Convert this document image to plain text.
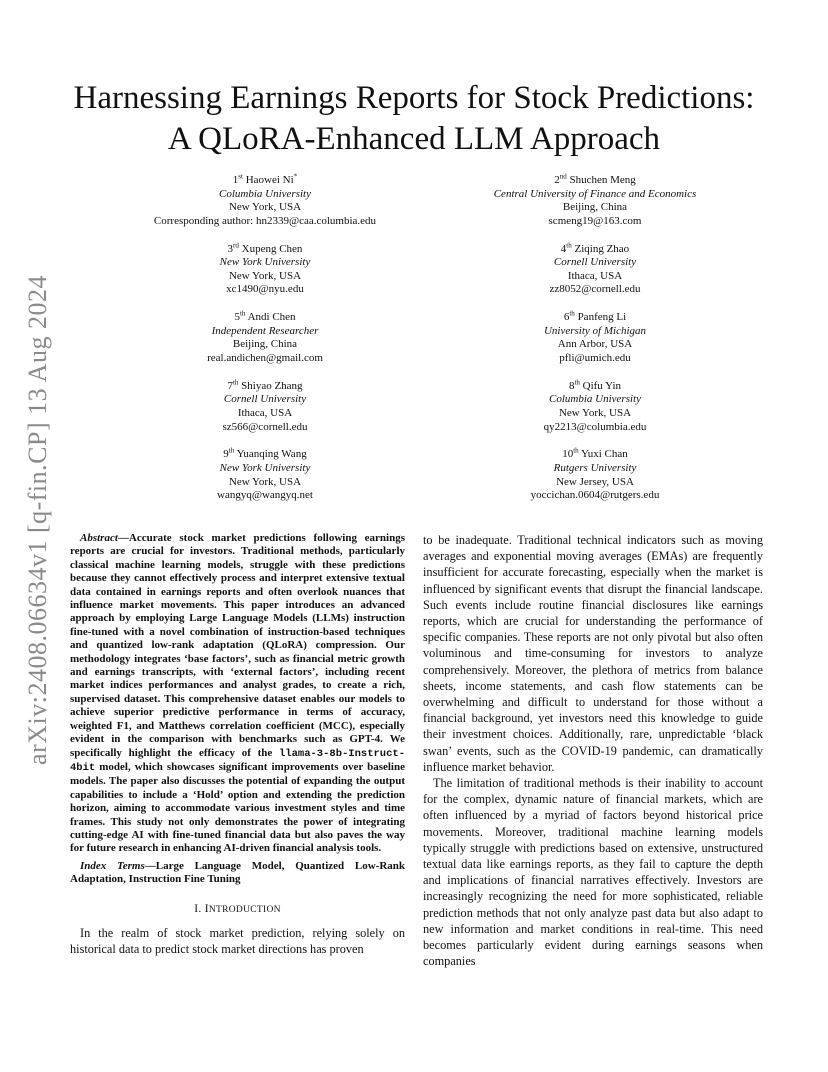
arXiv:2408.06634v1 [q-fin.CP] 13 Aug 2024
Harnessing Earnings Reports for Stock Predictions:
A QLoRA-Enhanced LLM Approach
1st Haowei Ni*
Columbia University
New York, USA
Corresponding author: hn2339@caa.columbia.edu
2nd Shuchen Meng
Central University of Finance and Economics
Beijing, China
scmeng19@163.com
3rd Xupeng Chen
New York University
New York, USA
xc1490@nyu.edu
4th Ziqing Zhao
Cornell University
Ithaca, USA
zz8052@cornell.edu
5th Andi Chen
Independent Researcher
Beijing, China
real.andichen@gmail.com
6th Panfeng Li
University of Michigan
Ann Arbor, USA
pfli@umich.edu
7th Shiyao Zhang
Cornell University
Ithaca, USA
sz566@cornell.edu
8th Qifu Yin
Columbia University
New York, USA
qy2213@columbia.edu
9th Yuanqing Wang
New York University
New York, USA
wangyq@wangyq.net
10th Yuxi Chan
Rutgers University
New Jersey, USA
yoccichan.0604@rutgers.edu

Abstract—Accurate stock market predictions following earnings reports are crucial for investors. Traditional methods, particularly classical machine learning models, struggle with these predictions because they cannot effectively process and interpret extensive textual data contained in earnings reports and often overlook nuances that influence market movements. This paper introduces an advanced approach by employing Large Language Models (LLMs) instruction fine-tuned with a novel combination of instruction-based techniques and quantized low-rank adaptation (QLoRA) compression. Our methodology integrates ‘base factors’, such as financial metric growth and earnings transcripts, with ‘external factors’, including recent market indices performances and analyst grades, to create a rich, supervised dataset. This comprehensive dataset enables our models to achieve superior predictive performance in terms of accuracy, weighted F1, and Matthews correlation coefficient (MCC), especially evident in the comparison with benchmarks such as GPT-4. We specifically highlight the efficacy of the llama-3-8b-Instruct-4bit model, which showcases significant improvements over baseline models. The paper also discusses the potential of expanding the output capabilities to include a ‘Hold’ option and extending the prediction horizon, aiming to accommodate various investment styles and time frames. This study not only demonstrates the power of integrating cutting-edge AI with fine-tuned financial data but also paves the way for future research in enhancing AI-driven financial analysis tools.

Index Terms—Large Language Model, Quantized Low-Rank Adaptation, Instruction Fine Tuning

I. INTRODUCTION

In the realm of stock market prediction, relying solely on historical data to predict stock market directions has proven

to be inadequate. Traditional technical indicators such as moving averages and exponential moving averages (EMAs) are frequently insufficient for accurate forecasting, especially when the market is influenced by significant events that disrupt the financial landscape. Such events include routine financial disclosures like earnings reports, which are crucial for understanding the performance of specific companies. These reports are not only pivotal but also often voluminous and time-consuming for investors to analyze comprehensively. Moreover, the plethora of metrics from balance sheets, income statements, and cash flow statements can be overwhelming and difficult to understand for those without a financial background, yet investors need this knowledge to guide their investment choices. Additionally, rare, unpredictable ‘black swan’ events, such as the COVID-19 pandemic, can dramatically influence market behavior.

The limitation of traditional methods is their inability to account for the complex, dynamic nature of financial markets, which are often influenced by a myriad of factors beyond historical price movements. Moreover, traditional machine learning models typically struggle with predictions based on extensive, unstructured textual data like earnings reports, as they fail to capture the depth and implications of financial narratives effectively. Investors are increasingly recognizing the need for more sophisticated, reliable prediction methods that not only analyze past data but also adapt to new information and market conditions in real-time. This need becomes particularly evident during earnings seasons when companies
